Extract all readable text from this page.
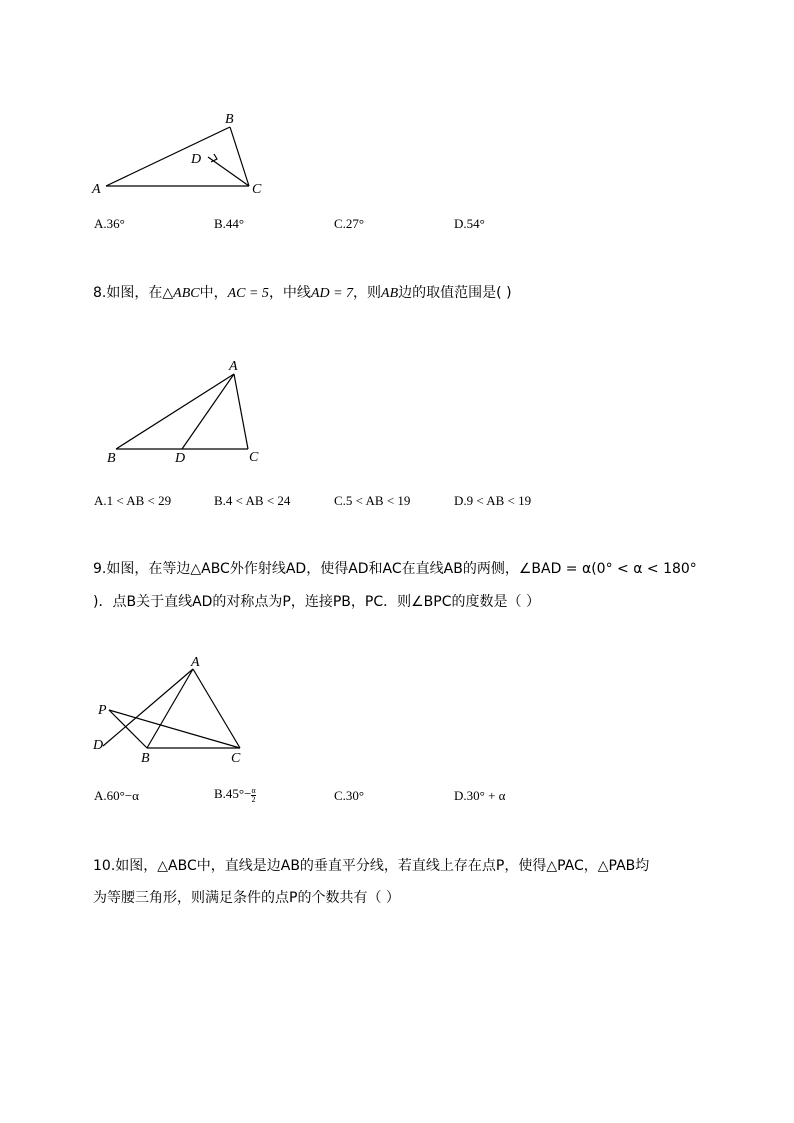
A
B
C
D
A.36°	B.44°	C.27°	D.54°
8.如图，在△ABC中，AC = 5，中线AD = 7，则AB边的取值范围是( )
A
B	C
D
A.1 < AB < 29	B.4 < AB < 24	C.5 < AB < 19	D.9 < AB < 19
9.如图，在等边△ABC外作射线AD，使得AD和AC在直线AB的两侧，∠BAD = α(0° < α < 180°
)．点B关于直线AD的对称点为P，连接PB，PC．则∠BPC的度数是（ ）
A
B	C
D
P
A.60°−α	$B.45^\circ- \frac{\alpha}{2}$	C.30°	D.30° + α
10.如图，△ABC中，直线是边AB的垂直平分线，若直线上存在点P，使得△PAC，△PAB均
为等腰三角形，则满足条件的点P的个数共有（ ）
